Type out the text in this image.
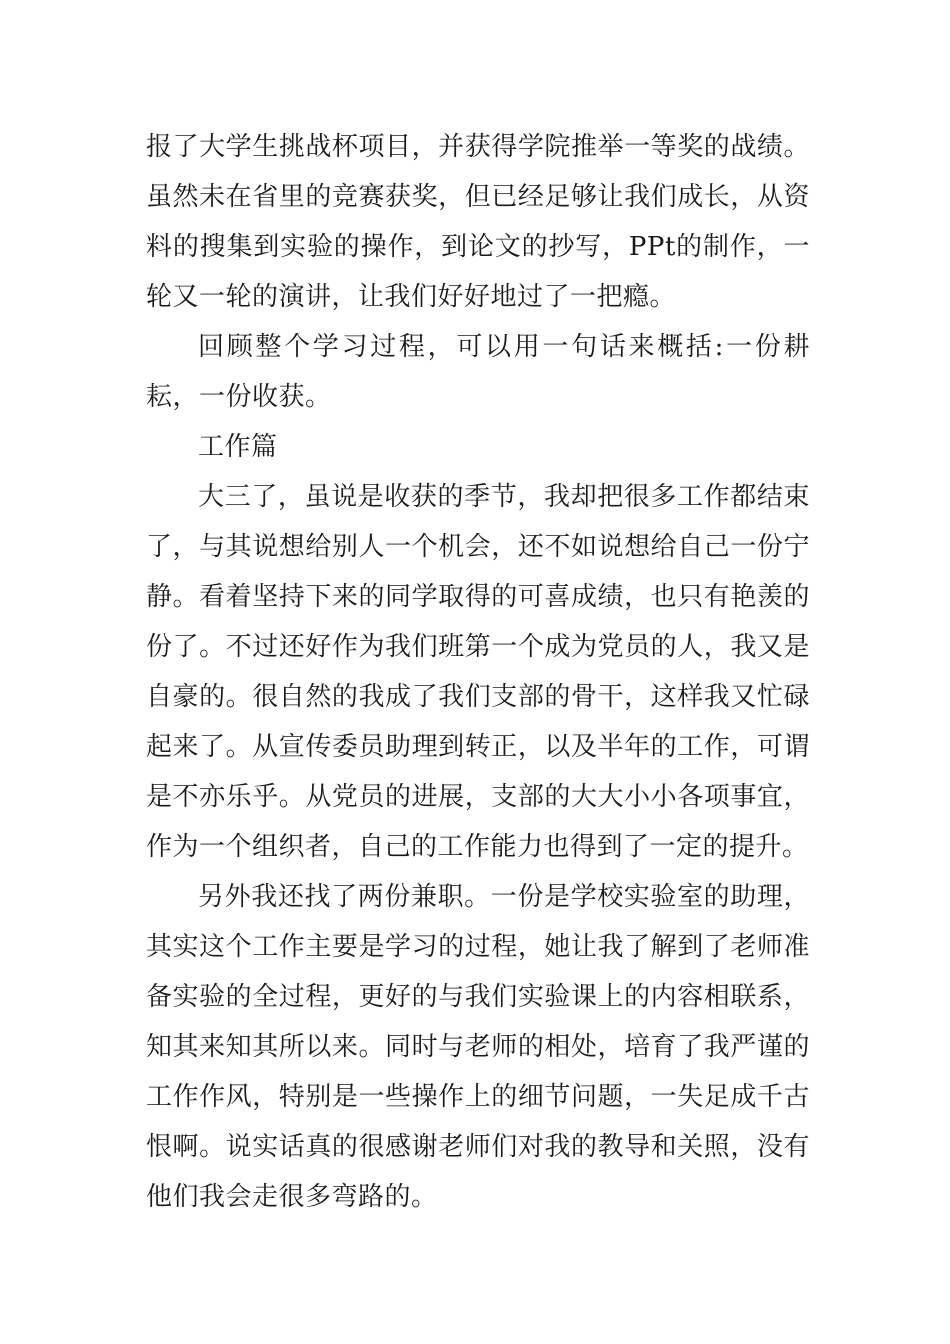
报了大学生挑战杯项目，并获得学院推举一等奖的战绩。虽然未在省里的竞赛获奖，但已经足够让我们成长，从资料的搜集到实验的操作，到论文的抄写，PPt的制作，一轮又一轮的演讲，让我们好好地过了一把瘾。

回顾整个学习过程，可以用一句话来概括:一份耕耘，一份收获。

工作篇

大三了，虽说是收获的季节，我却把很多工作都结束了，与其说想给别人一个机会，还不如说想给自己一份宁静。看着坚持下来的同学取得的可喜成绩，也只有艳羡的份了。不过还好作为我们班第一个成为党员的人，我又是自豪的。很自然的我成了我们支部的骨干，这样我又忙碌起来了。从宣传委员助理到转正，以及半年的工作，可谓是不亦乐乎。从党员的进展，支部的大大小小各项事宜，作为一个组织者，自己的工作能力也得到了一定的提升。

另外我还找了两份兼职。一份是学校实验室的助理，其实这个工作主要是学习的过程，她让我了解到了老师准备实验的全过程，更好的与我们实验课上的内容相联系，知其来知其所以来。同时与老师的相处，培育了我严谨的工作作风，特别是一些操作上的细节问题，一失足成千古恨啊。说实话真的很感谢老师们对我的教导和关照，没有他们我会走很多弯路的。
